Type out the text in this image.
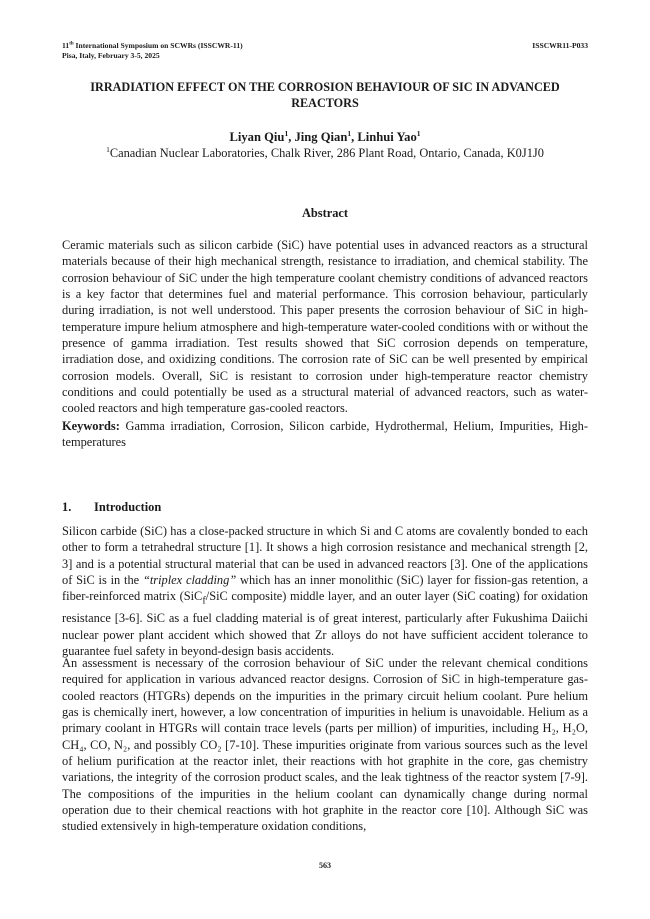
11th International Symposium on SCWRs (ISSCWR-11)
Pisa, Italy, February 3-5, 2025
ISSCWR11-P033
IRRADIATION EFFECT ON THE CORROSION BEHAVIOUR OF SIC IN ADVANCED REACTORS
Liyan Qiu$^1$, Jing Qian$^1$, Linhui Yao$^1$
$^1$Canadian Nuclear Laboratories, Chalk River, 286 Plant Road, Ontario, Canada, K0J1J0
Abstract

Ceramic materials such as silicon carbide (SiC) have potential uses in advanced reactors as a structural materials because of their high mechanical strength, resistance to irradiation, and chemical stability. The corrosion behaviour of SiC under the high temperature coolant chemistry conditions of advanced reactors is a key factor that determines fuel and material performance. This corrosion behaviour, particularly during irradiation, is not well understood. This paper presents the corrosion behaviour of SiC in high-temperature impure helium atmosphere and high-temperature water-cooled conditions with or without the presence of gamma irradiation. Test results showed that SiC corrosion depends on temperature, irradiation dose, and oxidizing conditions. The corrosion rate of SiC can be well presented by empirical corrosion models. Overall, SiC is resistant to corrosion under high-temperature reactor chemistry conditions and could potentially be used as a structural material of advanced reactors, such as water-cooled reactors and high temperature gas-cooled reactors.

Keywords: Gamma irradiation, Corrosion, Silicon carbide, Hydrothermal, Helium, Impurities, High-temperatures

1. Introduction

Silicon carbide (SiC) has a close-packed structure in which Si and C atoms are covalently bonded to each other to form a tetrahedral structure [1]. It shows a high corrosion resistance and mechanical strength [2, 3] and is a potential structural material that can be used in advanced reactors [3]. One of the applications of SiC is in the “triplex cladding” which has an inner monolithic (SiC) layer for fission-gas retention, a fiber-reinforced matrix (SiC$_f$/SiC composite) middle layer, and an outer layer (SiC coating) for oxidation resistance [3-6]. SiC as a fuel cladding material is of great interest, particularly after Fukushima Daiichi nuclear power plant accident which showed that Zr alloys do not have sufficient accident tolerance to guarantee fuel safety in beyond-design basis accidents.

An assessment is necessary of the corrosion behaviour of SiC under the relevant chemical conditions required for application in various advanced reactor designs. Corrosion of SiC in high-temperature gas-cooled reactors (HTGRs) depends on the impurities in the primary circuit helium coolant. Pure helium gas is chemically inert, however, a low concentration of impurities in helium is unavoidable. Helium as a primary coolant in HTGRs will contain trace levels (parts per million) of impurities, including H₂, H₂O, CH₄, CO, N₂, and possibly CO₂ [7-10]. These impurities originate from various sources such as the level of helium purification at the reactor inlet, their reactions with hot graphite in the core, gas chemistry variations, the integrity of the corrosion product scales, and the leak tightness of the reactor system [7-9]. The compositions of the impurities in the helium coolant can dynamically change during normal operation due to their chemical reactions with hot graphite in the reactor core [10]. Although SiC was studied extensively in high-temperature oxidation conditions,

563
